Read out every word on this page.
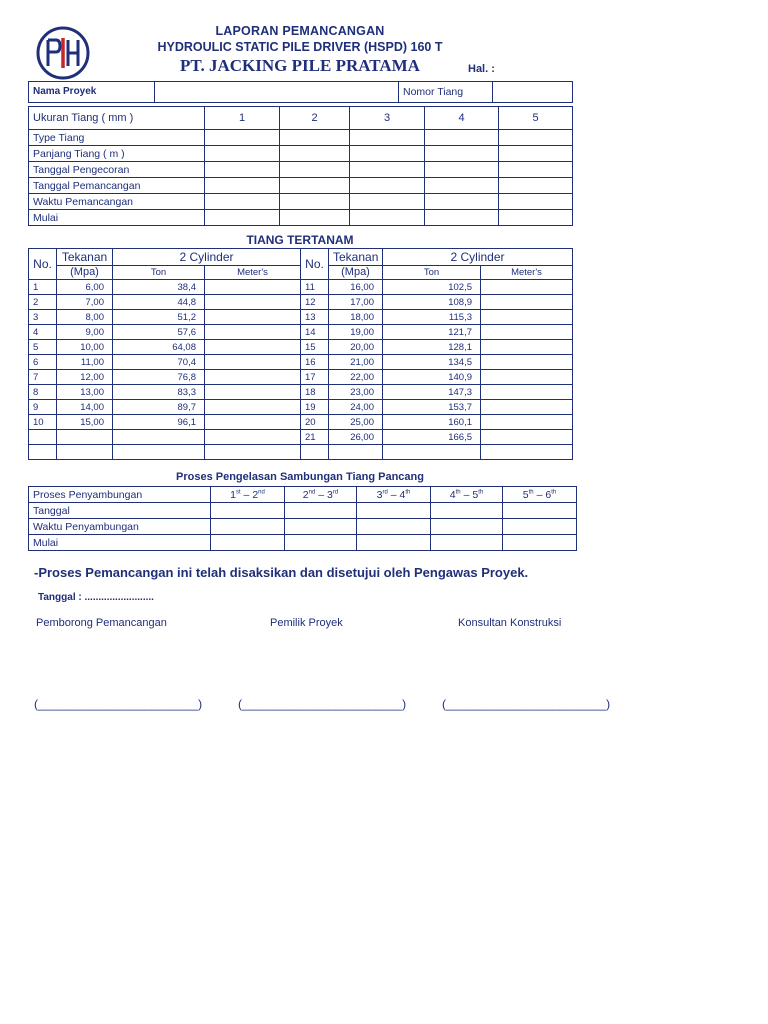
LAPORAN PEMANCANGAN
HYDROULIC STATIC PILE DRIVER (HSPD) 160 T
PT. JACKING PILE PRATAMA	Hal. :
Nama Proyek		Nomor Tiang	
Ukuran Tiang ( mm )	1	2	3	4	5
Type Tiang					
Panjang Tiang ( m )					
Tanggal Pengecoran					
Tanggal Pemancangan					
Waktu Pemancangan					
Mulai					
TIANG TERTANAM
No.	Tekanan	2 Cylinder		No.	Tekanan	2 Cylinder	
	(Mpa)	Ton	Meter's		(Mpa)	Ton	Meter's
1	6,00	38,4		11	16,00	102,5	
2	7,00	44,8		12	17,00	108,9	
3	8,00	51,2		13	18,00	115,3	
4	9,00	57,6		14	19,00	121,7	
5	10,00	64,08		15	20,00	128,1	
6	11,00	70,4		16	21,00	134,5	
7	12,00	76,8		17	22,00	140,9	
8	13,00	83,3		18	23,00	147,3	
9	14,00	89,7		19	24,00	153,7	
10	15,00	96,1		20	25,00	160,1	
				21	26,00	166,5	

Proses Pengelasan Sambungan Tiang Pancang
Proses Penyambungan	1st – 2nd	2nd – 3rd	3rd – 4th	4th – 5th	5th – 6th
Tanggal					
Waktu Penyambungan					
Mulai					
-Proses Pemancangan ini telah disaksikan dan disetujui oleh Pengawas Proyek.
Tanggal : .........................
Pemborong Pemancangan	Pemilik Proyek	Konsultan Konstruksi
(________________________)	(________________________)	(________________________)
